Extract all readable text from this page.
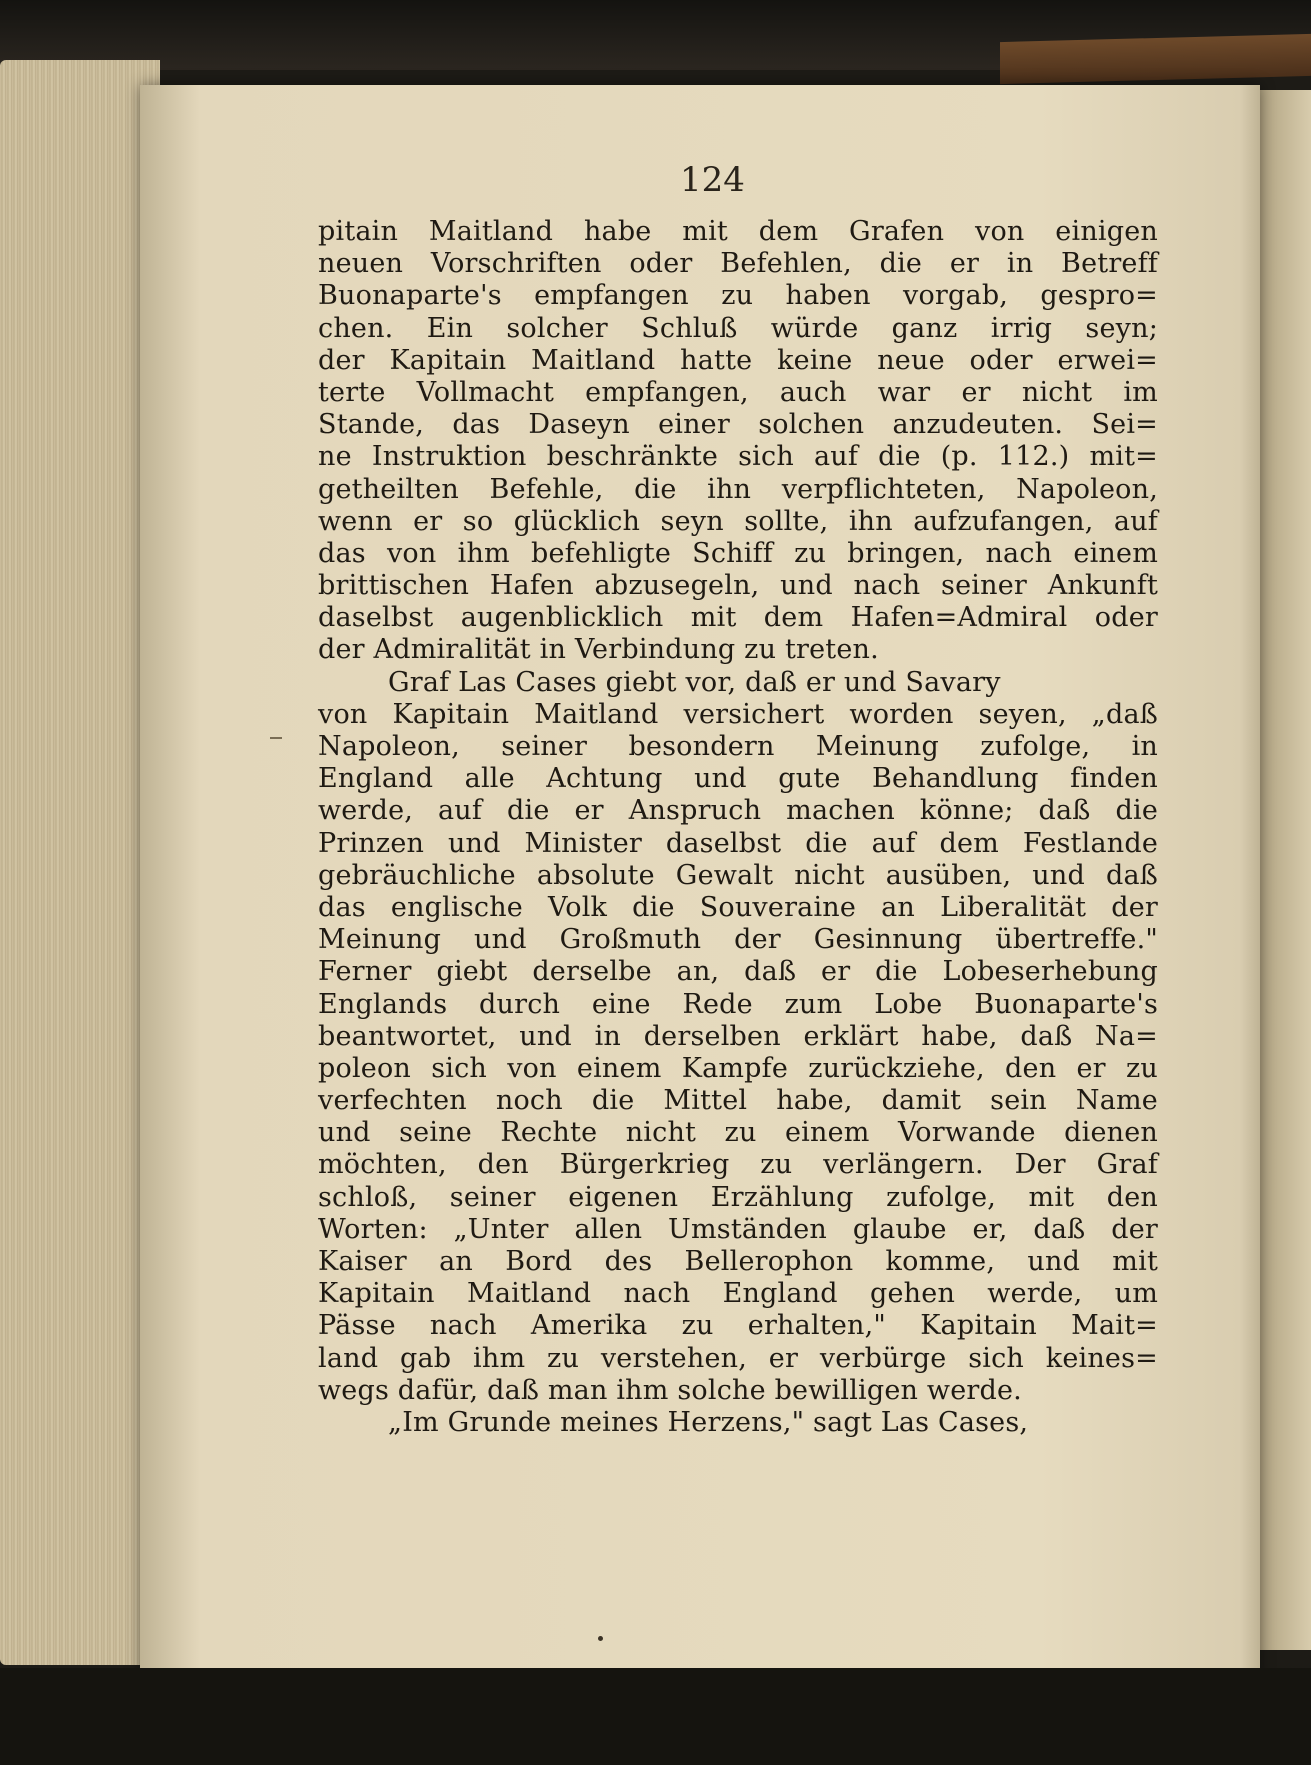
124
pitain Maitland habe mit dem Grafen von einigen
neuen Vorschriften oder Befehlen, die er in Betreff
Buonaparte's empfangen zu haben vorgab, gespro=
chen. Ein solcher Schluß würde ganz irrig seyn;
der Kapitain Maitland hatte keine neue oder erwei=
terte Vollmacht empfangen, auch war er nicht im
Stande, das Daseyn einer solchen anzudeuten. Sei=
ne Instruktion beschränkte sich auf die (p. 112.) mit=
getheilten Befehle, die ihn verpflichteten, Napoleon,
wenn er so glücklich seyn sollte, ihn aufzufangen, auf
das von ihm befehligte Schiff zu bringen, nach einem
brittischen Hafen abzusegeln, und nach seiner Ankunft
daselbst augenblicklich mit dem Hafen=Admiral oder
der Admiralität in Verbindung zu treten.
Graf Las Cases giebt vor, daß er und Savary
von Kapitain Maitland versichert worden seyen, „daß
Napoleon, seiner besondern Meinung zufolge, in
England alle Achtung und gute Behandlung finden
werde, auf die er Anspruch machen könne; daß die
Prinzen und Minister daselbst die auf dem Festlande
gebräuchliche absolute Gewalt nicht ausüben, und daß
das englische Volk die Souveraine an Liberalität der
Meinung und Großmuth der Gesinnung übertreffe."
Ferner giebt derselbe an, daß er die Lobeserhebung
Englands durch eine Rede zum Lobe Buonaparte's
beantwortet, und in derselben erklärt habe, daß Na=
poleon sich von einem Kampfe zurückziehe, den er zu
verfechten noch die Mittel habe, damit sein Name
und seine Rechte nicht zu einem Vorwande dienen
möchten, den Bürgerkrieg zu verlängern. Der Graf
schloß, seiner eigenen Erzählung zufolge, mit den
Worten: „Unter allen Umständen glaube er, daß der
Kaiser an Bord des Bellerophon komme, und mit
Kapitain Maitland nach England gehen werde, um
Pässe nach Amerika zu erhalten," Kapitain Mait=
land gab ihm zu verstehen, er verbürge sich keines=
wegs dafür, daß man ihm solche bewilligen werde.
„Im Grunde meines Herzens," sagt Las Cases,
